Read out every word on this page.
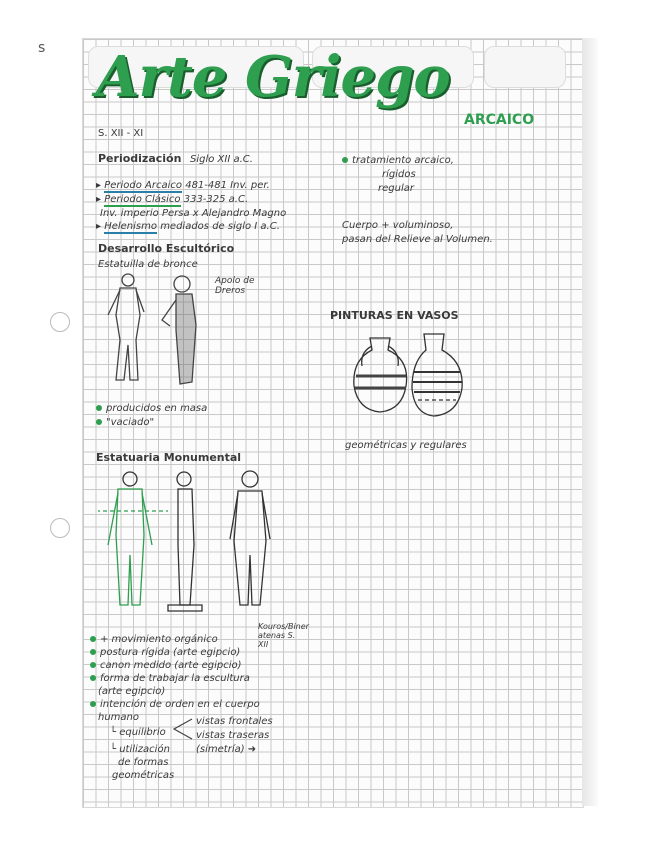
s Arte Griego
ARCAICO
S. XII - XI
Periodización Siglo XII a.C.
▸ Periodo Arcaico 481-481 Inv. per.
▸ Periodo Clásico 333-325 a.C.
Inv. imperio Persa x Alejandro Magno
▸ Helenismo mediados de siglo I a.C.
tratamiento arcaico,
rígidos
regular
Cuerpo + voluminoso,
pasan del Relieve al Volumen.
Desarrollo Escultórico
Estatuilla de bronce
Apolo de Dreros
producidos en masa
"vaciado"
PINTURAS EN VASOS
geométricas y regulares
Estatuaria Monumental
Kouros/Biner atenas S. XII
+ movimiento orgánico
postura rígida (arte egipcio)
canon medido (arte egipcio)
forma de trabajar la escultura
(arte egipcio)
intención de orden en el cuerpo
humano
└ equilibrio
vistas frontales
vistas traseras
└ utilización
de formas
geométricas
(simetría) ➜
